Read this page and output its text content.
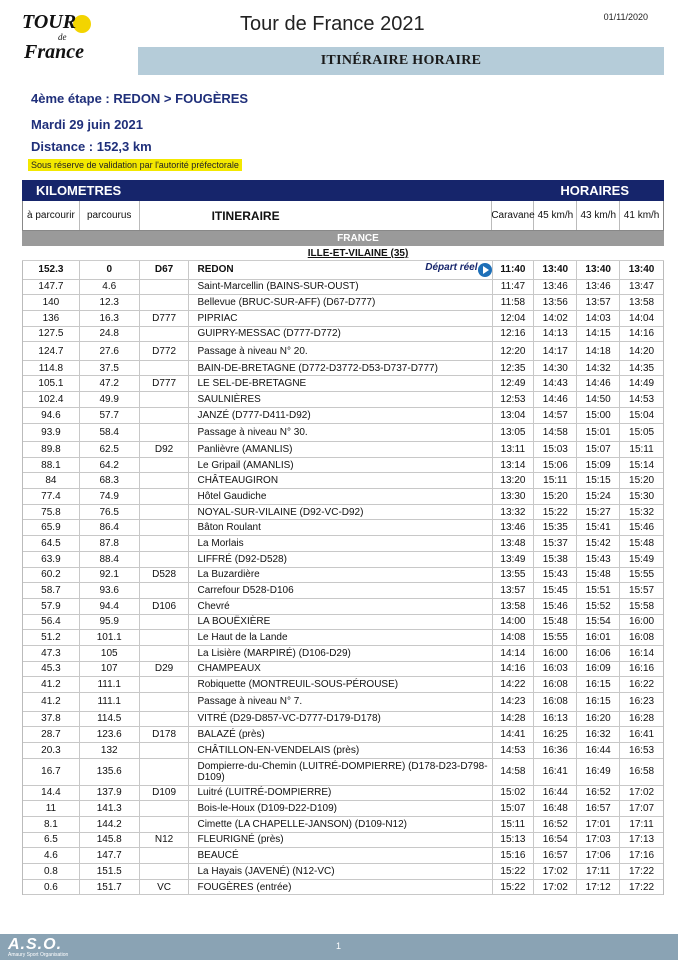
TOUR
de
France
Tour de France 2021	01/11/2020
ITINÉRAIRE HORAIRE
4ème étape : REDON > FOUGÈRES
Mardi 29 juin 2021
Distance : 152,3 km
Sous réserve de validation par l'autorité préfectorale
KILOMETRES	HORAIRES
à parcourir	parcourus	ITINERAIRE	Caravane 45 km/h 43 km/h 41 km/h
FRANCE
ILLE-ET-VILAINE (35)
152.3	0	D67 REDON	Départ réel 11:40 13:40 13:40 13:40
147.7	4.6	Saint-Marcellin (BAINS-SUR-OUST)	11:47 13:46 13:46 13:47
140	12.3	Bellevue (BRUC-SUR-AFF) (D67-D777)	11:58 13:56 13:57 13:58
136	16.3	D777 PIPRIAC	12:04 14:02 14:03 14:04
127.5	24.8	GUIPRY-MESSAC (D777-D772)	12:16 14:13 14:15 14:16
124.7	27.6	D772 Passage à niveau N° 20.	12:20 14:17 14:18 14:20
114.8	37.5	BAIN-DE-BRETAGNE (D772-D3772-D53-D737-D777)	12:35 14:30 14:32 14:35
105.1	47.2	D777 LE SEL-DE-BRETAGNE	12:49 14:43 14:46 14:49
102.4	49.9	SAULNIÈRES	12:53 14:46 14:50 14:53
94.6	57.7	JANZÉ (D777-D411-D92)	13:04 14:57 15:00 15:04
93.9	58.4	Passage à niveau N° 30.	13:05 14:58 15:01 15:05
89.8	62.5	D92 Panlièvre (AMANLIS)	13:11 15:03 15:07 15:11
88.1	64.2	Le Gripail (AMANLIS)	13:14 15:06 15:09 15:14
84	68.3	CHÂTEAUGIRON	13:20 15:11 15:15 15:20
77.4	74.9	Hôtel Gaudiche	13:30 15:20 15:24 15:30
75.8	76.5	NOYAL-SUR-VILAINE (D92-VC-D92)	13:32 15:22 15:27 15:32
65.9	86.4	Bâton Roulant	13:46 15:35 15:41 15:46
64.5	87.8	La Morlais	13:48 15:37 15:42 15:48
63.9	88.4	LIFFRÉ (D92-D528)	13:49 15:38 15:43 15:49
60.2	92.1	D528 La Buzardière	13:55 15:43 15:48 15:55
58.7	93.6	Carrefour D528-D106	13:57 15:45 15:51 15:57
57.9	94.4	D106 Chevré	13:58 15:46 15:52 15:58
56.4	95.9	LA BOUËXIÈRE	14:00 15:48 15:54 16:00
51.2	101.1	Le Haut de la Lande	14:08 15:55 16:01 16:08
47.3	105	La Lisière (MARPIRÉ) (D106-D29)	14:14 16:00 16:06 16:14
45.3	107	D29 CHAMPEAUX	14:16 16:03 16:09 16:16
41.2	111.1	Robiquette (MONTREUIL-SOUS-PÉROUSE)	14:22 16:08 16:15 16:22
41.2	111.1	Passage à niveau N° 7.	14:23 16:08 16:15 16:23
37.8	114.5	VITRÉ (D29-D857-VC-D777-D179-D178)	14:28 16:13 16:20 16:28
28.7	123.6	D178 BALAZÉ (près)	14:41 16:25 16:32 16:41
20.3	132	CHÂTILLON-EN-VENDELAIS (près)	14:53 16:36 16:44 16:53
16.7	135.6	Dompierre-du-Chemin (LUITRÉ-DOMPIERRE) (D178-D23-D798-D109)	14:58 16:41 16:49 16:58
14.4	137.9	D109 Luitré (LUITRÉ-DOMPIERRE)	15:02 16:44 16:52 17:02
11	141.3	Bois-le-Houx (D109-D22-D109)	15:07 16:48 16:57 17:07
8.1	144.2	Cimette (LA CHAPELLE-JANSON) (D109-N12)	15:11 16:52 17:01 17:11
6.5	145.8	N12 FLEURIGNÉ (près)	15:13 16:54 17:03 17:13
4.6	147.7	BEAUCÉ	15:16 16:57 17:06 17:16
0.8	151.5	La Hayais (JAVENÉ) (N12-VC)	15:22 17:02 17:11 17:22
0.6	151.7	VC	FOUGÈRES (entrée)	15:22 17:02 17:12 17:22
A.S.O.
Amaury Sport Organisation
1
